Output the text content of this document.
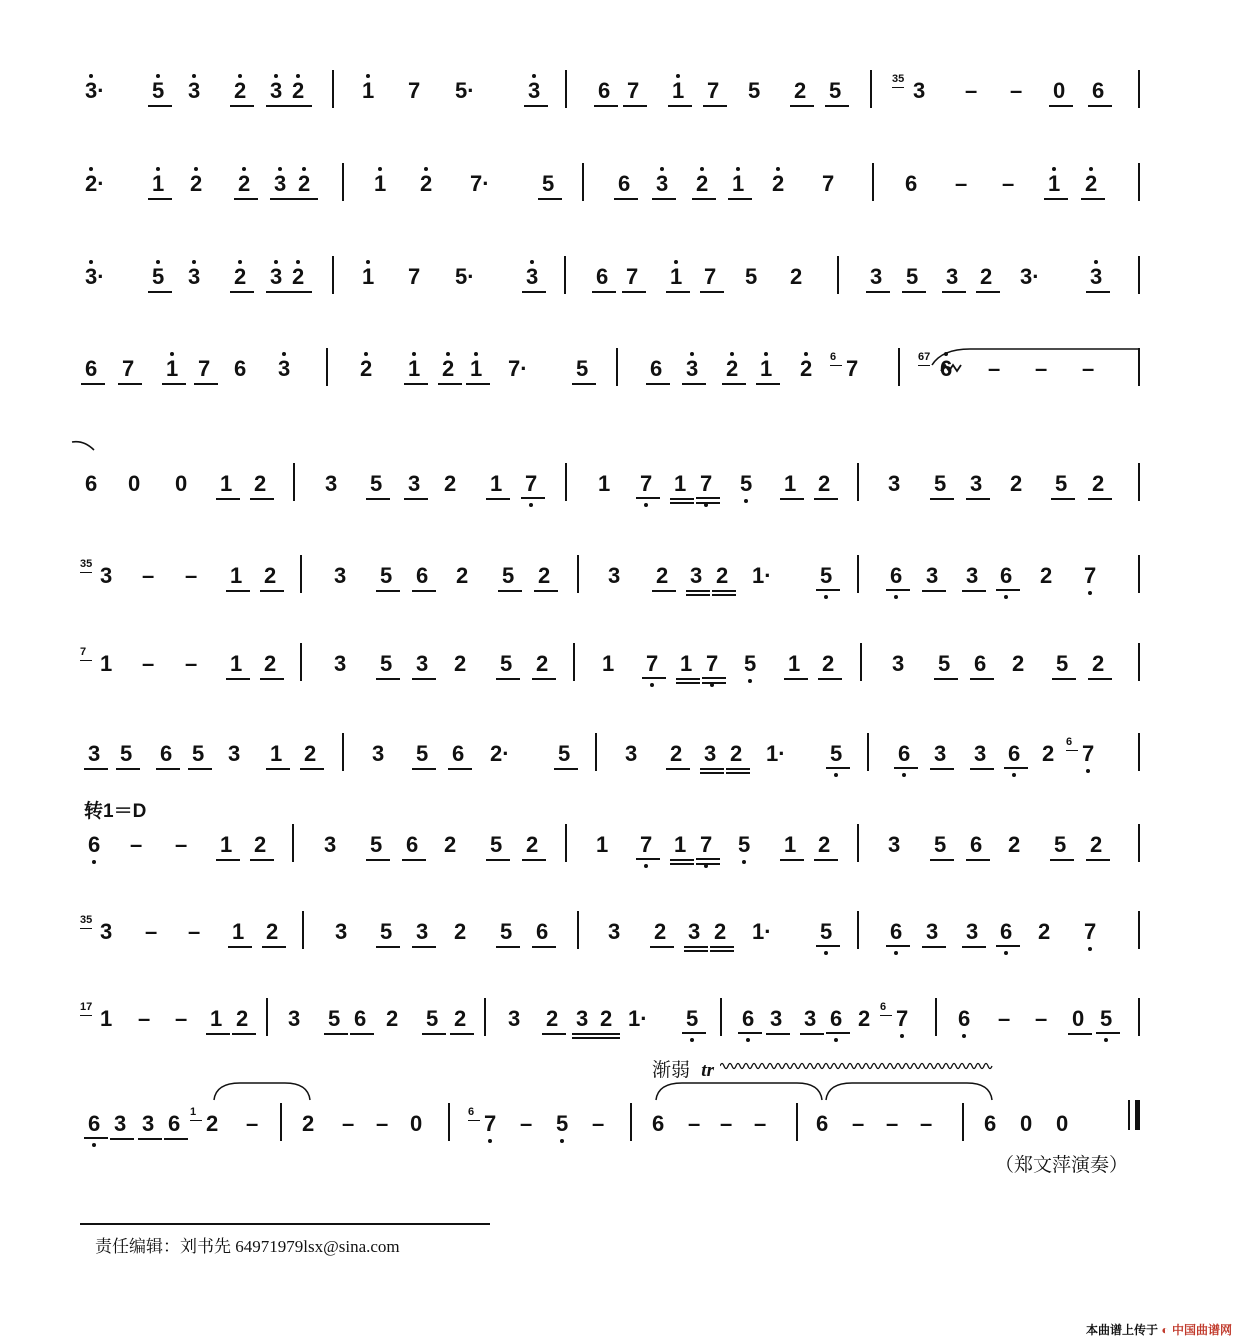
3· 5 3 2 3 2	1 7 5· 3	6 7 1 7 5 2 5	35 3 – – 0 6
2· 1 2 2 3 2	1 2 7· 5	6 3 2 1 2 7	6 – – 1 2
3· 5 3 2 3 2	1 7 5· 3	6 7 1 7 5 2	3 5 3 2 3· 3
6 7 1 7 6 3	2 1 2 1 7· 5	6 3 2 1 2 6 7	67 6 – – –
6 0 0 1 2	3 5 3 2 1 7	1 7 1 7 5 1 2	3 5 3 2 5 2
35 3 – – 1 2	3 5 6 2 5 2	3 2 3 2 1· 5	6 3 3 6 2 7
7 1 – – 1 2	3 5 3 2 5 2 1 7 1 7 5 1 2	3 5 6 2 5 2
3 5 6 5 3 1 2	3 5 6 2· 5 3 2 3 2 1· 5	6 3 3 6 2 6 7
6 – – 1 2	3 5 6 2 5 2	1 7 1 7 5 1 2	3 5 6 2 5 2
35 3 – – 1 2	3 5 3 2 5 6	3 2 3 2 1· 5	6 3 3 6 2 7
17 1 – – 1 2 3 5 6 2 5 2 3 2 3 2 1· 5 6 3 3 6 2 6 7 6 – – 0 5
6 3 3 6 1 2 – 2 – – 0	6 7 – 5 – 6 – – – 6 – – – 6 0 0
转1＝D
渐弱 tr
（郑文萍演奏）
责任编辑：刘书先 64971979lsx@sina.com
本曲谱上传于 ◐ 中国曲谱网
